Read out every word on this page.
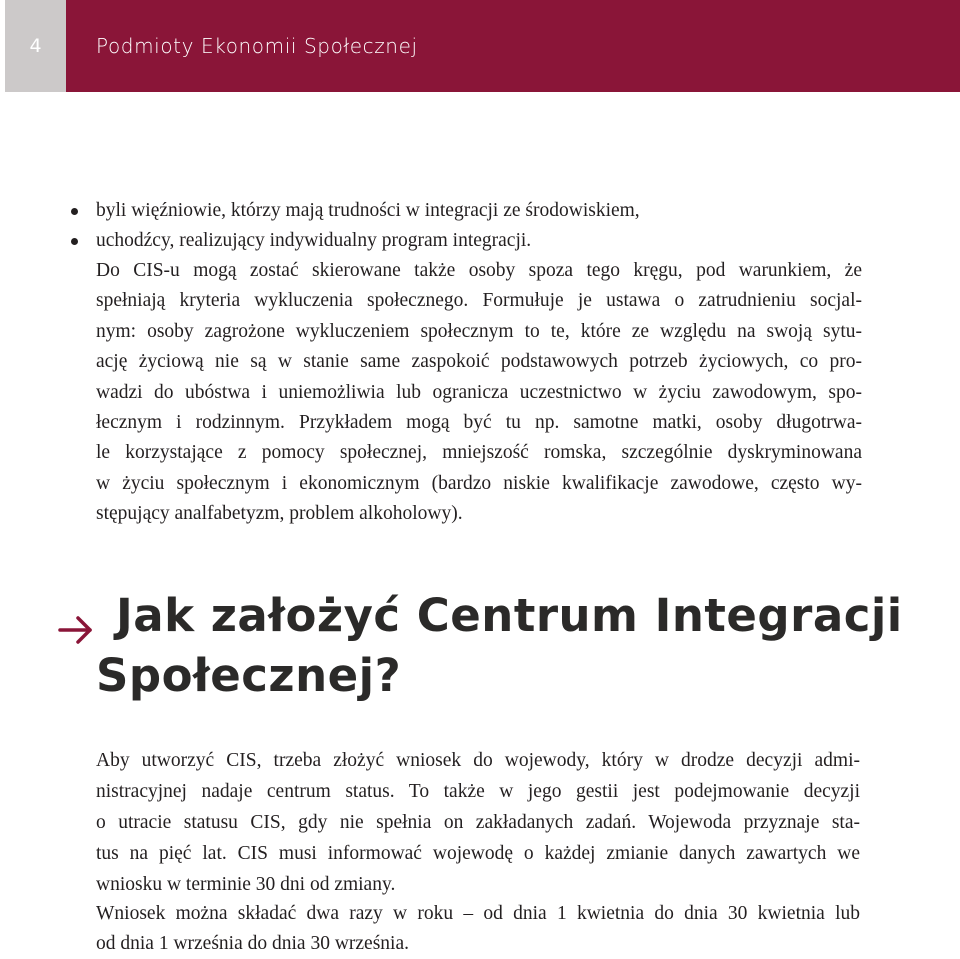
4	Podmioty Ekonomii Społecznej
byli więźniowie, którzy mają trudności w integracji ze środowiskiem,
uchodźcy, realizujący indywidualny program integracji.

Do CIS-u mogą zostać skierowane także osoby spoza tego kręgu, pod warunkiem, że
spełniają kryteria wykluczenia społecznego. Formułuje je ustawa o zatrudnieniu socjal-
nym: osoby zagrożone wykluczeniem społecznym to te, które ze względu na swoją sytu-
ację życiową nie są w stanie same zaspokoić podstawowych potrzeb życiowych, co pro-
wadzi do ubóstwa i uniemożliwia lub ogranicza uczestnictwo w życiu zawodowym, spo-
łecznym i rodzinnym. Przykładem mogą być tu np. samotne matki, osoby długotrwa-
le korzystające z pomocy społecznej, mniejszość romska, szczególnie dyskryminowana
w życiu społecznym i ekonomicznym (bardzo niskie kwalifikacje zawodowe, często wy-
stępujący analfabetyzm, problem alkoholowy).

Jak założyć Centrum Integracji
Społecznej?

Aby utworzyć CIS, trzeba złożyć wniosek do wojewody, który w drodze decyzji admi-
nistracyjnej nadaje centrum status. To także w jego gestii jest podejmowanie decyzji
o utracie statusu CIS, gdy nie spełnia on zakładanych zadań. Wojewoda przyznaje sta-
tus na pięć lat. CIS musi informować wojewodę o każdej zmianie danych zawartych we
wniosku w terminie 30 dni od zmiany.

Wniosek można składać dwa razy w roku – od dnia 1 kwietnia do dnia 30 kwietnia lub
od dnia 1 września do dnia 30 września.
